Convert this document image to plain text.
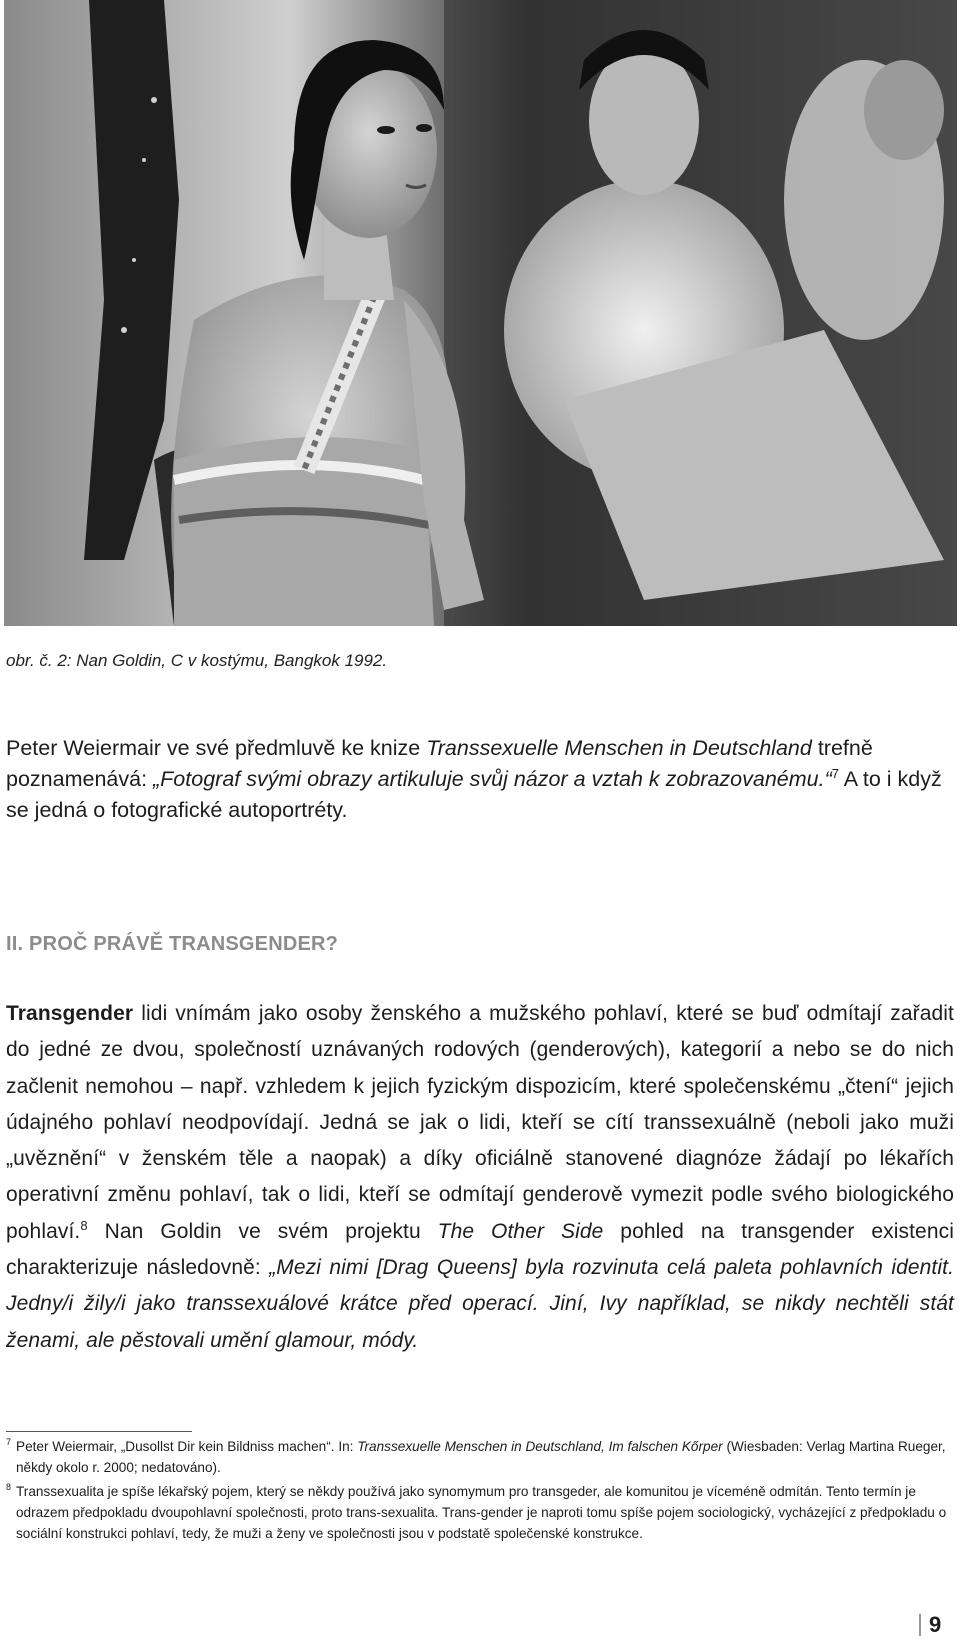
obr. č. 2: Nan Goldin, C v kostýmu, Bangkok 1992.

Peter Weiermair ve své předmluvě ke knize Transsexuelle Menschen in Deutschland trefně poznamenává: „Fotograf svými obrazy artikuluje svůj názor a vztah k zobrazovanému.“$^7$ A to i když se jedná o fotografické autoportréty.

II. PROČ PRÁVĚ TRANSGENDER?

Transgender lidi vnímám jako osoby ženského a mužského pohlaví, které se buď odmítají zařadit do jedné ze dvou, společností uznávaných rodových (genderových), kategorií a nebo se do nich začlenit nemohou – např. vzhledem k jejich fyzickým dispozicím, které společenskému „čtení“ jejich údajného pohlaví neodpovídají. Jedná se jak o lidi, kteří se cítí transsexuálně (neboli jako muži „uvěznění“ v ženském těle a naopak) a díky oficiálně stanovené diagnóze žádají po lékařích operativní změnu pohlaví, tak o lidi, kteří se odmítají genderově vymezit podle svého biologického pohlaví.$^8$ Nan Goldin ve svém projektu The Other Side pohled na transgender existenci charakterizuje následovně: „Mezi nimi [Drag Queens] byla rozvinuta celá paleta pohlavních identit. Jedny/i žily/i jako transsexuálové krátce před operací. Jiní, Ivy například, se nikdy nechtěli stát ženami, ale pěstovali umění glamour, módy.

7 Peter Weiermair, „Dusollst Dir kein Bildniss machen“. In: Transsexuelle Menschen in Deutschland, Im falschen Kőrper (Wiesbaden: Verlag Martina Rueger, někdy okolo r. 2000; nedatováno).
8 Transsexualita je spíše lékařský pojem, který se někdy používá jako synomymum pro transgeder, ale komunitou je víceméně odmítán. Tento termín je odrazem předpokladu dvoupohlavní společnosti, proto trans-sexualita. Trans-gender je naproti tomu spíše pojem sociologický, vycházející z předpokladu o sociální konstrukci pohlaví, tedy, že muži a ženy ve společnosti jsou v podstatě společenské konstrukce.
9
